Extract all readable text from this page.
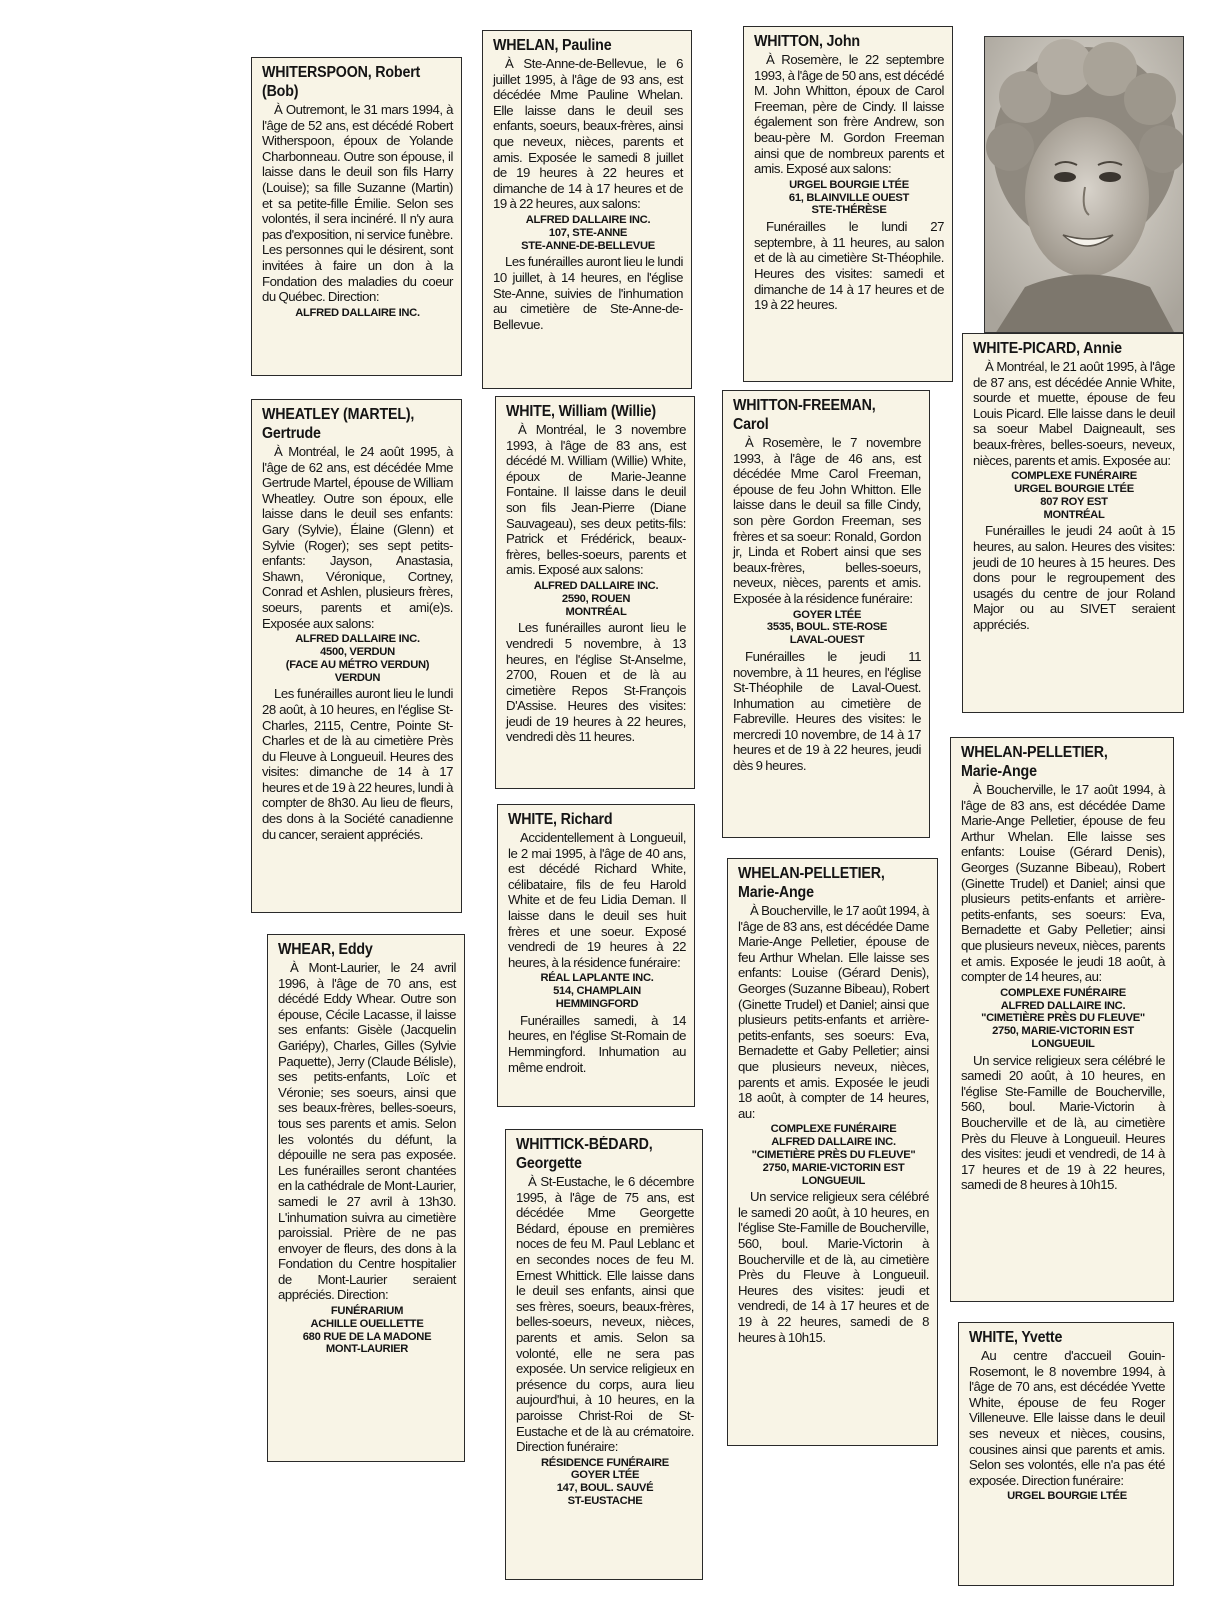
WHITERSPOON, Robert
(Bob)

À Outremont, le 31 mars 1994, à l'âge de 52 ans, est décédé Robert Witherspoon, époux de Yolande Charbonneau. Outre son épouse, il laisse dans le deuil son fils Harry (Louise); sa fille Suzanne (Martin) et sa petite-fille Émilie. Selon ses volontés, il sera incinéré. Il n'y aura pas d'exposition, ni service funèbre. Les personnes qui le désirent, sont invitées à faire un don à la Fondation des maladies du coeur du Québec. Direction:

ALFRED DALLAIRE INC.
WHEATLEY (MARTEL),
Gertrude

À Montréal, le 24 août 1995, à l'âge de 62 ans, est décédée Mme Gertrude Martel, épouse de William Wheatley. Outre son époux, elle laisse dans le deuil ses enfants: Gary (Sylvie), Élaine (Glenn) et Sylvie (Roger); ses sept petits-enfants: Jayson, Anastasia, Shawn, Véronique, Cortney, Conrad et Ashlen, plusieurs frères, soeurs, parents et ami(e)s. Exposée aux salons:

ALFRED DALLAIRE INC.
4500, VERDUN
(FACE AU MÉTRO VERDUN)
VERDUN

Les funérailles auront lieu le lundi 28 août, à 10 heures, en l'église St-Charles, 2115, Centre, Pointe St-Charles et de là au cimetière Près du Fleuve à Longueuil. Heures des visites: dimanche de 14 à 17 heures et de 19 à 22 heures, lundi à compter de 8h30. Au lieu de fleurs, des dons à la Société canadienne du cancer, seraient appréciés.

WHEAR, Eddy

À Mont-Laurier, le 24 avril 1996, à l'âge de 70 ans, est décédé Eddy Whear. Outre son épouse, Cécile Lacasse, il laisse ses enfants: Gisèle (Jacquelin Gariépy), Charles, Gilles (Sylvie Paquette), Jerry (Claude Bélisle), ses petits-enfants, Loïc et Véronie; ses soeurs, ainsi que ses beaux-frères, belles-soeurs, tous ses parents et amis. Selon les volontés du défunt, la dépouille ne sera pas exposée. Les funérailles seront chantées en la cathédrale de Mont-Laurier, samedi le 27 avril à 13h30. L'inhumation suivra au cimetière paroissial. Prière de ne pas envoyer de fleurs, des dons à la Fondation du Centre hospitalier de Mont-Laurier seraient appréciés. Direction:

FUNÉRARIUM
ACHILLE OUELLETTE
680 RUE DE LA MADONE
MONT-LAURIER
WHELAN, Pauline

À Ste-Anne-de-Bellevue, le 6 juillet 1995, à l'âge de 93 ans, est décédée Mme Pauline Whelan. Elle laisse dans le deuil ses enfants, soeurs, beaux-frères, ainsi que neveux, nièces, parents et amis. Exposée le samedi 8 juillet de 19 heures à 22 heures et dimanche de 14 à 17 heures et de 19 à 22 heures, aux salons:

ALFRED DALLAIRE INC.
107, STE-ANNE
STE-ANNE-DE-BELLEVUE

Les funérailles auront lieu le lundi 10 juillet, à 14 heures, en l'église Ste-Anne, suivies de l'inhumation au cimetière de Ste-Anne-de-Bellevue.

WHITE, William (Willie)

À Montréal, le 3 novembre 1993, à l'âge de 83 ans, est décédé M. William (Willie) White, époux de Marie-Jeanne Fontaine. Il laisse dans le deuil son fils Jean-Pierre (Diane Sauvageau), ses deux petits-fils: Patrick et Frédérick, beaux-frères, belles-soeurs, parents et amis. Exposé aux salons:

ALFRED DALLAIRE INC.
2590, ROUEN
MONTRÉAL

Les funérailles auront lieu le vendredi 5 novembre, à 13 heures, en l'église St-Anselme, 2700, Rouen et de là au cimetière Repos St-François D'Assise. Heures des visites: jeudi de 19 heures à 22 heures, vendredi dès 11 heures.

WHITE, Richard

Accidentellement à Longueuil, le 2 mai 1995, à l'âge de 40 ans, est décédé Richard White, célibataire, fils de feu Harold White et de feu Lidia Deman. Il laisse dans le deuil ses huit frères et une soeur. Exposé vendredi de 19 heures à 22 heures, à la résidence funéraire:

RÉAL LAPLANTE INC.
514, CHAMPLAIN
HEMMINGFORD

Funérailles samedi, à 14 heures, en l'église St-Romain de Hemmingford. Inhumation au même endroit.

WHITTICK-BÉDARD,
Georgette

À St-Eustache, le 6 décembre 1995, à l'âge de 75 ans, est décédée Mme Georgette Bédard, épouse en premières noces de feu M. Paul Leblanc et en secondes noces de feu M. Ernest Whittick. Elle laisse dans le deuil ses enfants, ainsi que ses frères, soeurs, beaux-frères, belles-soeurs, neveux, nièces, parents et amis. Selon sa volonté, elle ne sera pas exposée. Un service religieux en présence du corps, aura lieu aujourd'hui, à 10 heures, en la paroisse Christ-Roi de St-Eustache et de là au crématoire. Direction funéraire:

RÉSIDENCE FUNÉRAIRE
GOYER LTÉE
147, BOUL. SAUVÉ
ST-EUSTACHE
WHITTON, John

À Rosemère, le 22 septembre 1993, à l'âge de 50 ans, est décédé M. John Whitton, époux de Carol Freeman, père de Cindy. Il laisse également son frère Andrew, son beau-père M. Gordon Freeman ainsi que de nombreux parents et amis. Exposé aux salons:

URGEL BOURGIE LTÉE
61, BLAINVILLE OUEST
STE-THÉRÈSE

Funérailles le lundi 27 septembre, à 11 heures, au salon et de là au cimetière St-Théophile. Heures des visites: samedi et dimanche de 14 à 17 heures et de 19 à 22 heures.

WHITTON-FREEMAN,
Carol

À Rosemère, le 7 novembre 1993, à l'âge de 46 ans, est décédée Mme Carol Freeman, épouse de feu John Whitton. Elle laisse dans le deuil sa fille Cindy, son père Gordon Freeman, ses frères et sa soeur: Ronald, Gordon jr, Linda et Robert ainsi que ses beaux-frères, belles-soeurs, neveux, nièces, parents et amis. Exposée à la résidence funéraire:

GOYER LTÉE
3535, BOUL. STE-ROSE
LAVAL-OUEST

Funérailles le jeudi 11 novembre, à 11 heures, en l'église St-Théophile de Laval-Ouest. Inhumation au cimetière de Fabreville. Heures des visites: le mercredi 10 novembre, de 14 à 17 heures et de 19 à 22 heures, jeudi dès 9 heures.

WHELAN-PELLETIER,
Marie-Ange

À Boucherville, le 17 août 1994, à l'âge de 83 ans, est décédée Dame Marie-Ange Pelletier, épouse de feu Arthur Whelan. Elle laisse ses enfants: Louise (Gérard Denis), Georges (Suzanne Bibeau), Robert (Ginette Trudel) et Daniel; ainsi que plusieurs petits-enfants et arrière-petits-enfants, ses soeurs: Eva, Bernadette et Gaby Pelletier; ainsi que plusieurs neveux, nièces, parents et amis. Exposée le jeudi 18 août, à compter de 14 heures, au:

COMPLEXE FUNÉRAIRE
ALFRED DALLAIRE INC.
"CIMETIÈRE PRÈS DU FLEUVE"
2750, MARIE-VICTORIN EST
LONGUEUIL

Un service religieux sera célébré le samedi 20 août, à 10 heures, en l'église Ste-Famille de Boucherville, 560, boul. Marie-Victorin à Boucherville et de là, au cimetière Près du Fleuve à Longueuil. Heures des visites: jeudi et vendredi, de 14 à 17 heures et de 19 à 22 heures, samedi de 8 heures à 10h15.

WHITE-PICARD, Annie

À Montréal, le 21 août 1995, à l'âge de 87 ans, est décédée Annie White, sourde et muette, épouse de feu Louis Picard. Elle laisse dans le deuil sa soeur Mabel Daigneault, ses beaux-frères, belles-soeurs, neveux, nièces, parents et amis. Exposée au:

COMPLEXE FUNÉRAIRE
URGEL BOURGIE LTÉE
807 ROY EST
MONTRÉAL

Funérailles le jeudi 24 août à 15 heures, au salon. Heures des visites: jeudi de 10 heures à 15 heures. Des dons pour le regroupement des usagés du centre de jour Roland Major ou au SIVET seraient appréciés.

WHELAN-PELLETIER,
Marie-Ange

À Boucherville, le 17 août 1994, à l'âge de 83 ans, est décédée Dame Marie-Ange Pelletier, épouse de feu Arthur Whelan. Elle laisse ses enfants: Louise (Gérard Denis), Georges (Suzanne Bibeau), Robert (Ginette Trudel) et Daniel; ainsi que plusieurs petits-enfants et arrière-petits-enfants, ses soeurs: Eva, Bernadette et Gaby Pelletier; ainsi que plusieurs neveux, nièces, parents et amis. Exposée le jeudi 18 août, à compter de 14 heures, au:

COMPLEXE FUNÉRAIRE
ALFRED DALLAIRE INC.
"CIMETIÈRE PRÈS DU FLEUVE"
2750, MARIE-VICTORIN EST
LONGUEUIL

Un service religieux sera célébré le samedi 20 août, à 10 heures, en l'église Ste-Famille de Boucherville, 560, boul. Marie-Victorin à Boucherville et de là, au cimetière Près du Fleuve à Longueuil. Heures des visites: jeudi et vendredi, de 14 à 17 heures et de 19 à 22 heures, samedi de 8 heures à 10h15.

WHITE, Yvette

Au centre d'accueil Gouin-Rosemont, le 8 novembre 1994, à l'âge de 70 ans, est décédée Yvette White, épouse de feu Roger Villeneuve. Elle laisse dans le deuil ses neveux et nièces, cousins, cousines ainsi que parents et amis. Selon ses volontés, elle n'a pas été exposée. Direction funéraire:

URGEL BOURGIE LTÉE
